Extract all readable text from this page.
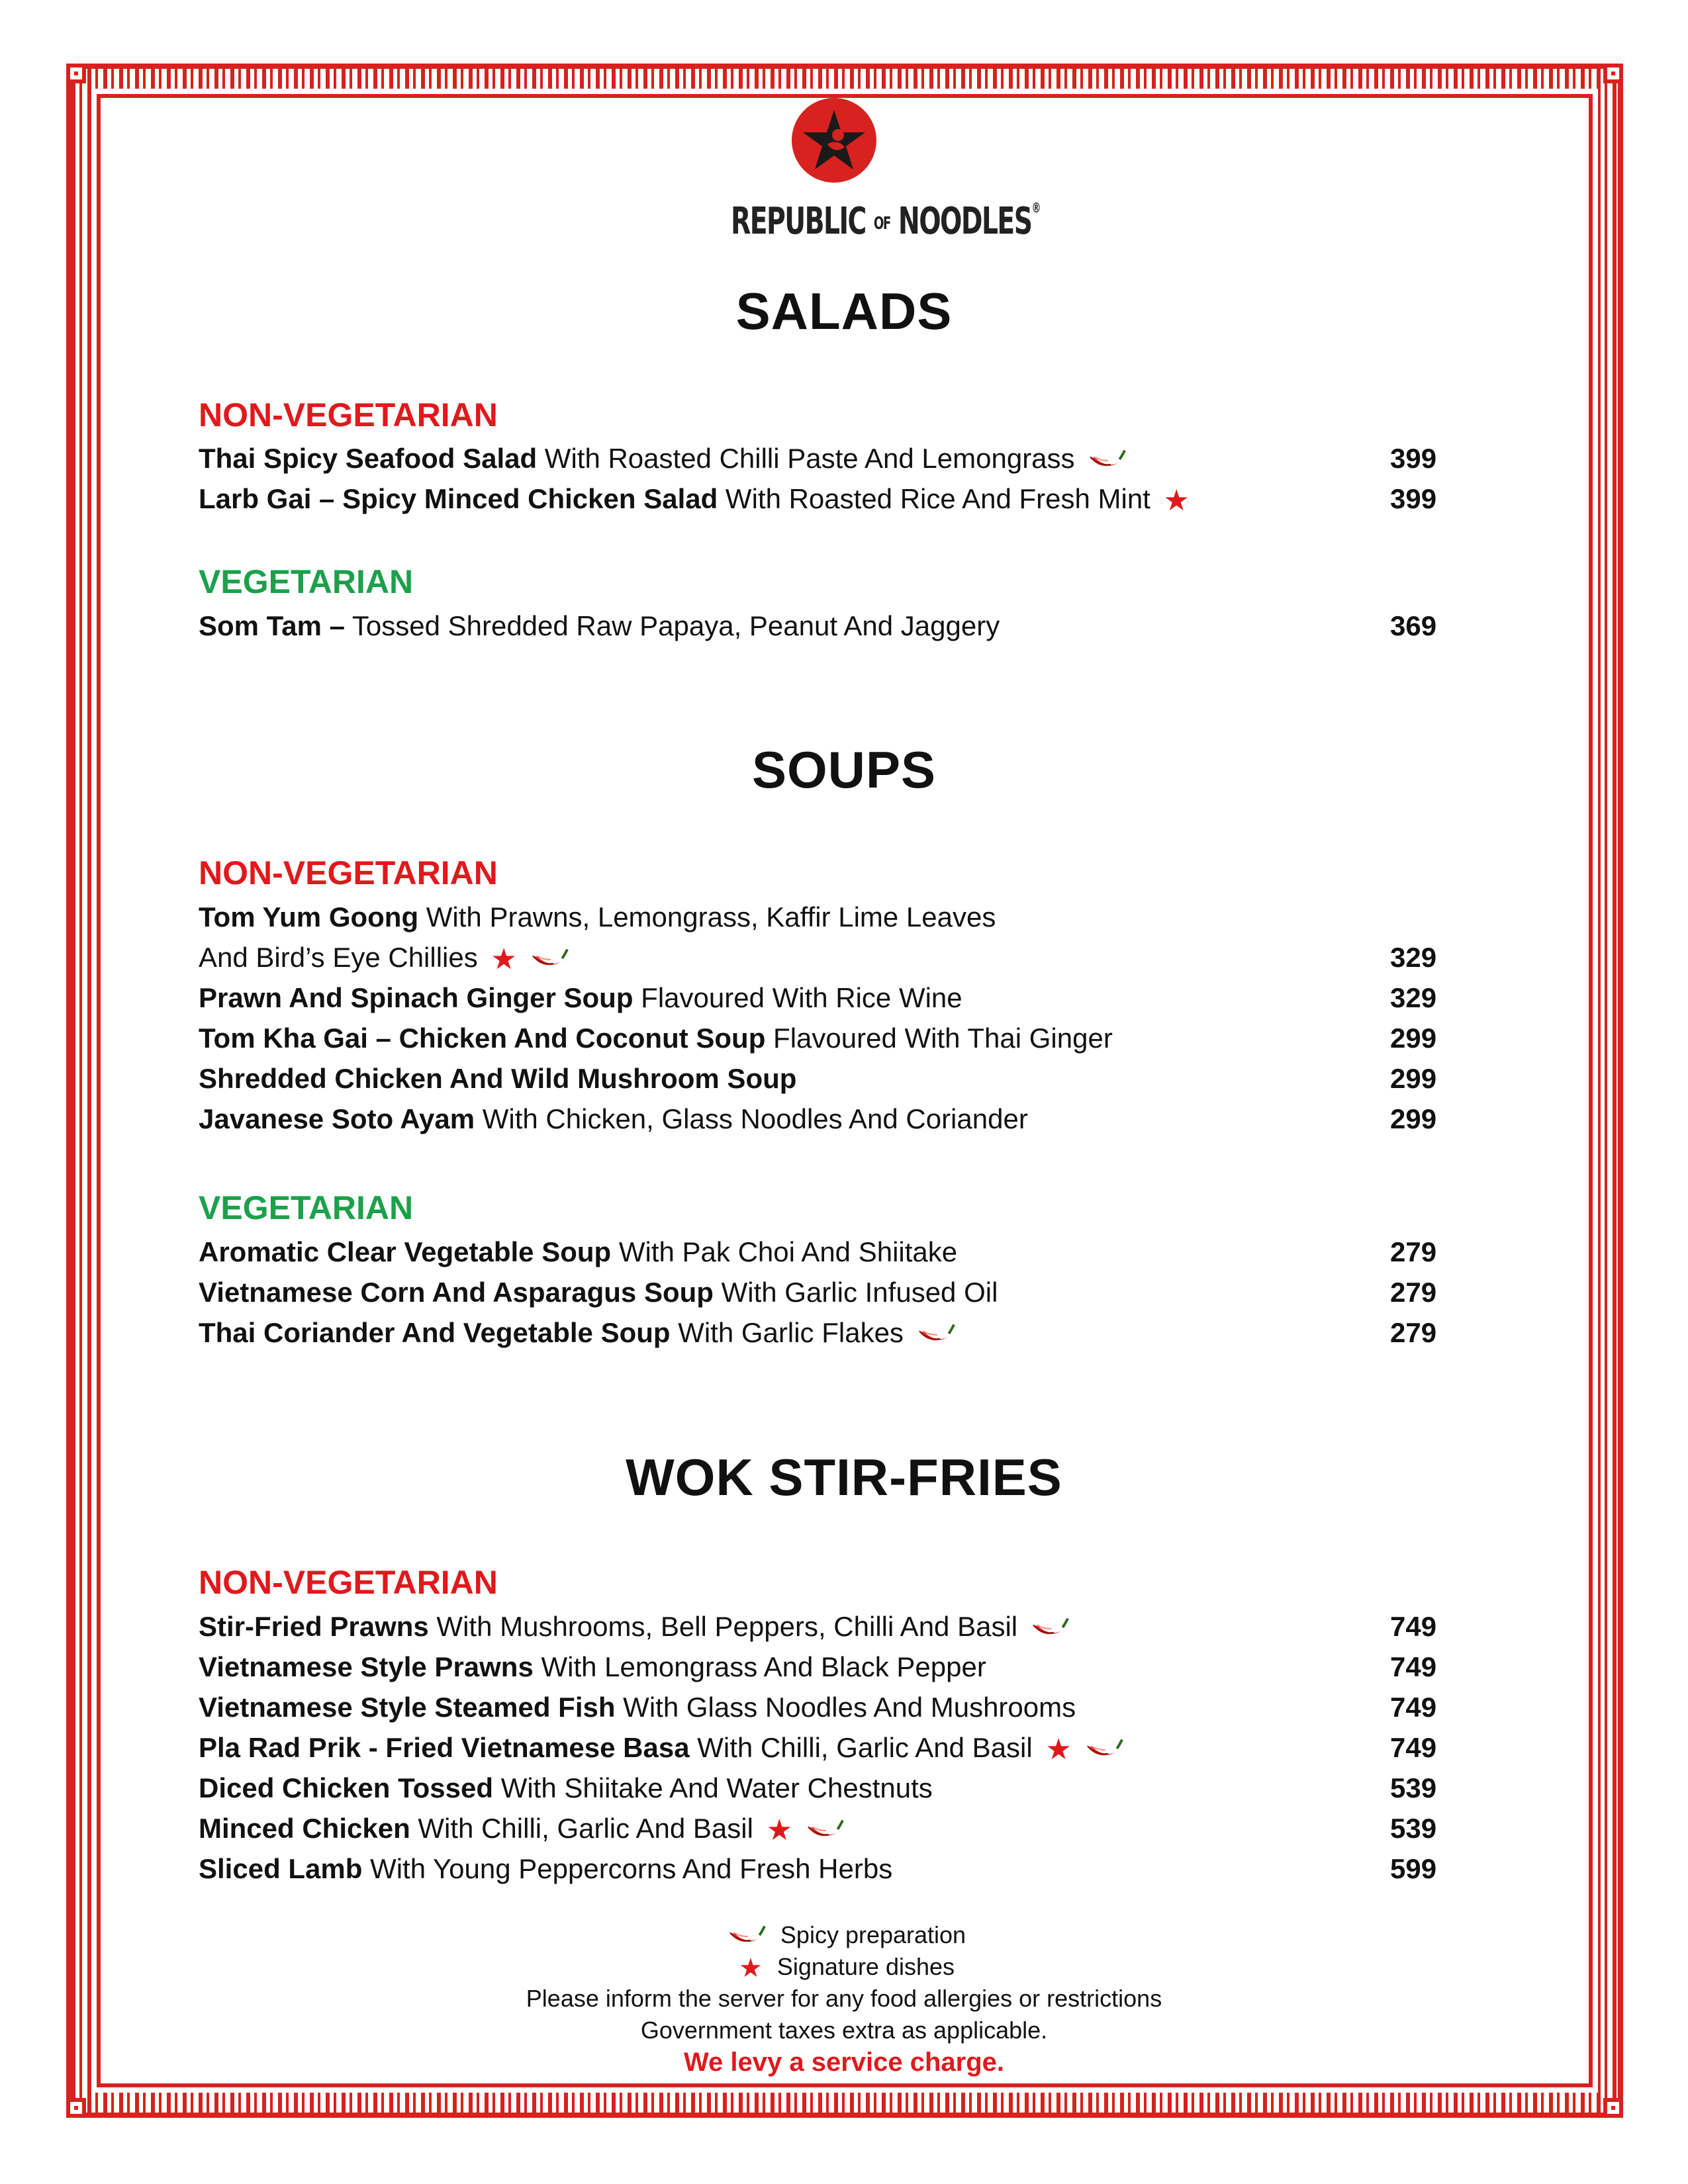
REPUBLIC OF NOODLES®
SALADS
NON-VEGETARIAN
Thai Spicy Seafood Salad With Roasted Chilli Paste And Lemongrass	399
Larb Gai – Spicy Minced Chicken Salad With Roasted Rice And Fresh Mint ★	399
VEGETARIAN
Som Tam – Tossed Shredded Raw Papaya, Peanut And Jaggery	369
SOUPS
NON-VEGETARIAN
Tom Yum Goong With Prawns, Lemongrass, Kaffir Lime Leaves
And Bird’s Eye Chillies ★	329
Prawn And Spinach Ginger Soup Flavoured With Rice Wine	329
Tom Kha Gai – Chicken And Coconut Soup Flavoured With Thai Ginger	299
Shredded Chicken And Wild Mushroom Soup	299
Javanese Soto Ayam With Chicken, Glass Noodles And Coriander	299
VEGETARIAN
Aromatic Clear Vegetable Soup With Pak Choi And Shiitake	279
Vietnamese Corn And Asparagus Soup With Garlic Infused Oil	279
Thai Coriander And Vegetable Soup With Garlic Flakes	279
WOK STIR-FRIES
NON-VEGETARIAN
Stir-Fried Prawns With Mushrooms, Bell Peppers, Chilli And Basil	749
Vietnamese Style Prawns With Lemongrass And Black Pepper	749
Vietnamese Style Steamed Fish With Glass Noodles And Mushrooms	749
Pla Rad Prik - Fried Vietnamese Basa With Chilli, Garlic And Basil ★	749
Diced Chicken Tossed With Shiitake And Water Chestnuts	539
Minced Chicken With Chilli, Garlic And Basil ★	539
Sliced Lamb With Young Peppercorns And Fresh Herbs	599
Spicy preparation
★ Signature dishes
Please inform the server for any food allergies or restrictions
Government taxes extra as applicable.
We levy a service charge.
